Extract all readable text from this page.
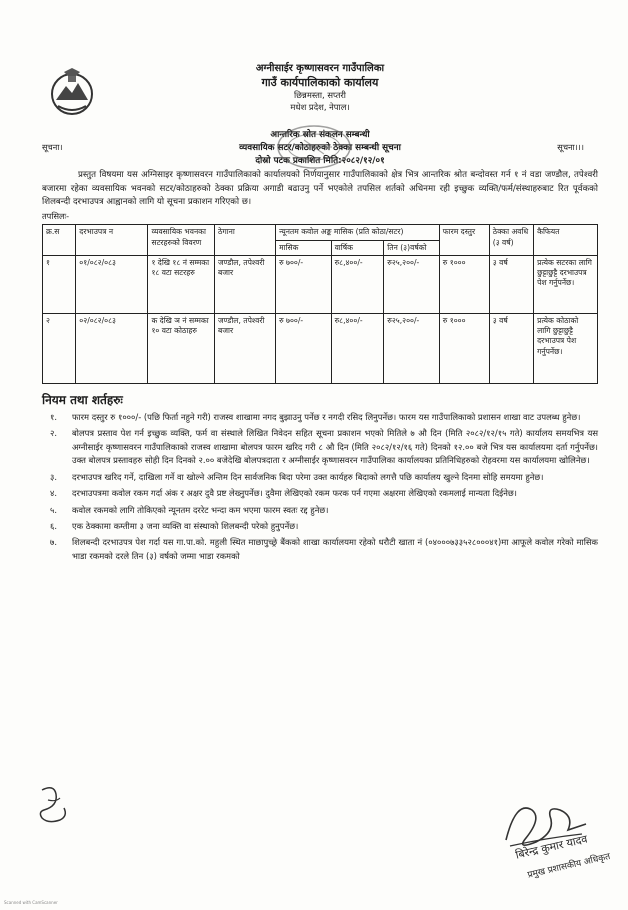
अग्नीसाईर कृष्णासवरन गाउँपालिका
गाउँ कार्यपालिकाको कार्यालय
छिन्नमस्ता, सप्तरी
मधेश प्रदेश, नेपाल।
सूचना।	सूचना।।।
आन्तरिक स्रोत संकलन सम्बन्धी
व्यवसायिक सटर/कोठाहरुको ठेक्का सम्बन्धी सूचना
दोस्रो पटक प्रकाशित मिति:२०८२/१२/०१

प्रस्तुत विषयमा यस अग्निसाइर कृष्णासवरन गाउँपालिकाको कार्यालयको निर्णयानुसार गाउँपालिकाको क्षेत्र भित्र आन्तरिक श्रोत बन्दोवस्त गर्न १ नं वडा जण्डौल, तपेश्वरी बजारमा रहेका व्यवसायिक भवनको सटर/कोठाहरुको ठेक्का प्रक्रिया अगाडी बढाउनु पर्ने भएकोले तपसिल शर्तको अधिनमा रही इच्छुक व्यक्ति/फर्म/संस्थाहरुबाट रित पूर्वकको शिलबन्दी दरभाउपत्र आह्वानको लागि यो सूचना प्रकाशन गरिएको छ।

तपसिलः-
क्र.स	दरभाउपत्र न	व्यवसायिक भवनका सटरहरुको विवरण	ठेगाना	न्यूनतम कवोल अङ्क मासिक (प्रति कोठा/सटर)			फारम दस्तुर	ठेक्का अवधि (३ वर्ष)	कैफियत
				मासिक	वार्षिक	तिन (३)वर्षको			
१	०१/०८२/०८३	१ देखि १८ नं सम्मका १८ वटा सटरहरु	जण्डौल, तपेश्वरी बजार	रु ७००/-	रु८,४००/-	रु२५,२००/-	रु १०००	३ वर्ष	प्रत्येक सटरका लागि छुट्टाछुट्टै दरभाउपत्र पेश गर्नुपर्नेछ।
२	०२/०८२/०८३	क देखि ञ नं सम्मका १० वटा कोठाहरु	जण्डौल, तपेश्वरी बजार	रु ७००/-	रु८,४००/-	रु२५,२००/-	रु १०००	३ वर्ष	प्रत्येक कोठाको लागि छुट्टाछुट्टै दरभाउपत्र पेश गर्नुपर्नेछ।
नियम तथा शर्तहरुः
१. फारम दस्तुर रु १०००/- (पछि फिर्ता नहुने गरी) राजस्व शाखामा नगद बुझाउनु पर्नेछ र नगदी रसिद लिनुपर्नेछ। फारम यस गाउँपालिकाको प्रशासन शाखा वाट उपलब्ध हुनेछ।
२. बोलपत्र प्रस्ताव पेश गर्न इच्छुक व्यक्ति, फर्म वा संस्थाले लिखित निवेदन सहित सूचना प्रकाशन भएको मितिले ७ औ दिन (मिति २०८२/१२/१५ गते) कार्यालय समयभित्र यस अग्नीसाईर कृष्णासवरन गाउँपालिकाको राजस्व शाखामा बोलपत्र फारम खरिद गरी ८ औ दिन (मिति २०८२/१२/१६ गते) दिनको १२.०० बजे भित्र यस कार्यालयमा दर्ता गर्नुपर्नेछ। उक्त बोलपत्र प्रस्तावहरु सोही दिन दिनको २.०० बजेदेखि बोलपत्रदाता र अग्नीसाईर कृष्णासवरन गाउँपालिका कार्यालयका प्रतिनिधिहरुको रोहवरमा यस कार्यालयमा खोलिनेछ।
३. दरभाउपत्र खरिद गर्ने, दाखिला गर्ने वा खोल्ने अन्तिम दिन सार्वजनिक बिदा परेमा उक्त कार्यहरु बिदाको लगत्तै पछि कार्यालय खुल्ने दिनमा सोहि समयमा हुनेछ।
४. दरभाउपत्रमा कवोल रकम गर्दा अंक र अक्षर दुवै प्रष्ट लेख्नुपर्नेछ। दुवैमा लेखिएको रकम फरक पर्न गएमा अक्षरमा लेखिएको रकमलाई मान्यता दिईनेछ।
५. कवोल रकमको लागि तोकिएको न्यूनतम दररेट भन्दा कम भएमा फारम स्वतः रद्द हुनेछ।
६. एक ठेक्कामा कम्तीमा ३ जना व्यक्ति वा संस्थाको शिलबन्दी परेको हुनुपर्नेछ।
७. शिलबन्दी दरभाउपत्र पेश गर्दा यस गा.पा.को. महुली स्थित माछापुच्छ्रे बैंकको शाखा कार्यालयमा रहेको धरौटी खाता नं (०४०००७३३५२८०००४१)मा आफूले कवोल गरेको मासिक भाडा रकमको दरले तिन (३) वर्षको जम्मा भाडा रकमको
बिरेन्द्र कुमार यादव
प्रमुख प्रशासकीय अधिकृत
Scanned with CamScanner
